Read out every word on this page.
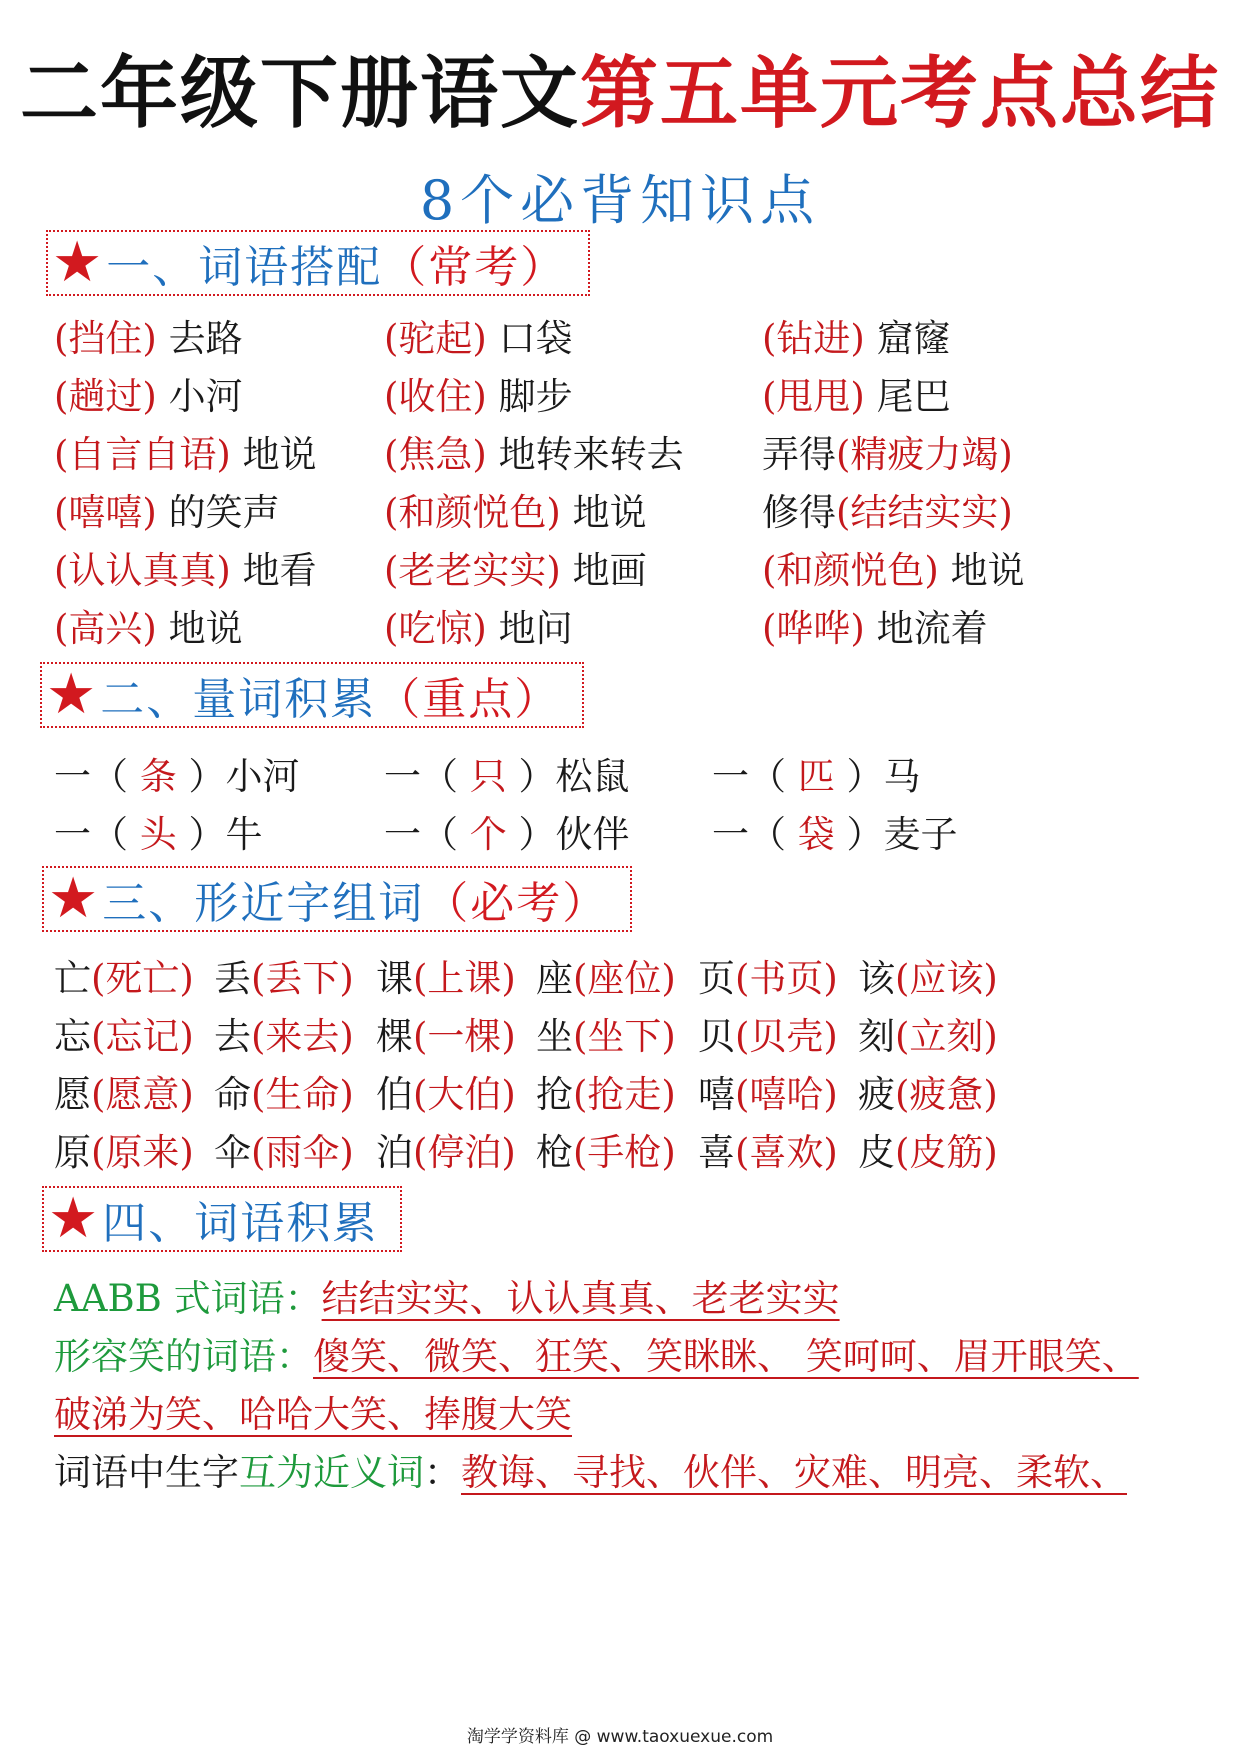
二年级下册语文第五单元考点总结
8个必背知识点
★ 一、词语搭配 （常考）
(挡住) 去路	(驼起) 口袋	(钻进) 窟窿
(趟过) 小河	(收住) 脚步	(甩甩) 尾巴
(自言自语) 地说 (焦急) 地转来转去 弄得(精疲力竭)
(嘻嘻) 的笑声	(和颜悦色) 地说	修得(结结实实)
(认认真真) 地看 (老老实实) 地画	(和颜悦色) 地说
(高兴) 地说	(吃惊) 地问	(哗哗) 地流着
★ 二、量词积累 （重点）
一（ 条 ）小河 一（ 只 ）松鼠 一（ 匹 ）马
一（ 头 ）牛	一（ 个 ）伙伴 一（ 袋 ）麦子
★ 三、形近字组词 （必考）
亡(死亡) 丢(丢下) 课(上课) 座(座位) 页(书页) 该(应该)
忘(忘记) 去(来去) 棵(一棵) 坐(坐下) 贝(贝壳) 刻(立刻)
愿(愿意) 命(生命) 伯(大伯) 抢(抢走) 嘻(嘻哈) 疲(疲惫)
原(原来) 伞(雨伞) 泊(停泊) 枪(手枪) 喜(喜欢) 皮(皮筋)
★ 四、词语积累
AABB 式词语：结结实实、认认真真、老老实实
形容笑的词语：傻笑、微笑、狂笑、笑眯眯、 笑呵呵、眉开眼笑、
破涕为笑、哈哈大笑、捧腹大笑
词语中生字互为近义词：教诲、寻找、伙伴、灾难、明亮、柔软、
淘学学资料库 @ www.taoxuexue.com
